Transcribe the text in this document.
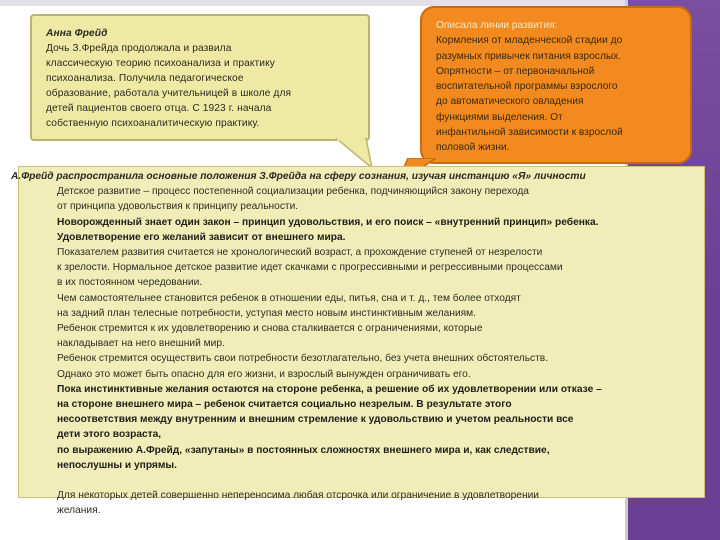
Анна Фрейд
Дочь З.Фрейда продолжала и развила
классическую теорию психоанализа и практику
психоанализа. Получила педагогическое
образование, работала учительницей в школе для
детей пациентов своего отца. С 1923 г. начала
собственную психоаналитическую практику.
Описала линии развития:
Кормления от младенческой стадии до
разумных привычек питания взрослых.
Опрятности – от первоначальной
воспитательной программы взрослого
до автоматического овладения
функциями выделения. От
инфантильной зависимости к взрослой
половой жизни.
А.Фрейд распространила основные положения З.Фрейда на сферу сознания, изучая инстанцию «Я» личности
Детское развитие – процесс постепенной социализации ребенка, подчиняющийся закону перехода
от принципа удовольствия к принципу реальности.
Новорожденный знает один закон – принцип удовольствия, и его поиск – «внутренний принцип» ребенка.
Удовлетворение его желаний зависит от внешнего мира.
Показателем развития считается не хронологический возраст, а прохождение ступеней от незрелости
к зрелости. Нормальное детское развитие идет скачками с прогрессивными и регрессивными процессами
в их постоянном чередовании.
Чем самостоятельнее становится ребенок в отношении еды, питья, сна и т. д., тем более отходят
на задний план телесные потребности, уступая место новым инстинктивным желаниям.
Ребенок стремится к их удовлетворению и снова сталкивается с ограничениями, которые
накладывает на него внешний мир.
Ребенок стремится осуществить свои потребности безотлагательно, без учета внешних обстоятельств.
Однако это может быть опасно для его жизни, и взрослый вынужден ограничивать его.
Пока инстинктивные желания остаются на стороне ребенка, а решение об их удовлетворении или отказе –
на стороне внешнего мира – ребенок считается социально незрелым. В результате этого
несоответствия между внутренним и внешним стремление к удовольствию и учетом реальности все
дети этого возраста,
по выражению А.Фрейд, «запутаны» в постоянных сложностях внешнего мира и, как следствие,
непослушны и упрямы.
Для некоторых детей совершенно непереносима любая отсрочка или ограничение в удовлетворении
желания.
